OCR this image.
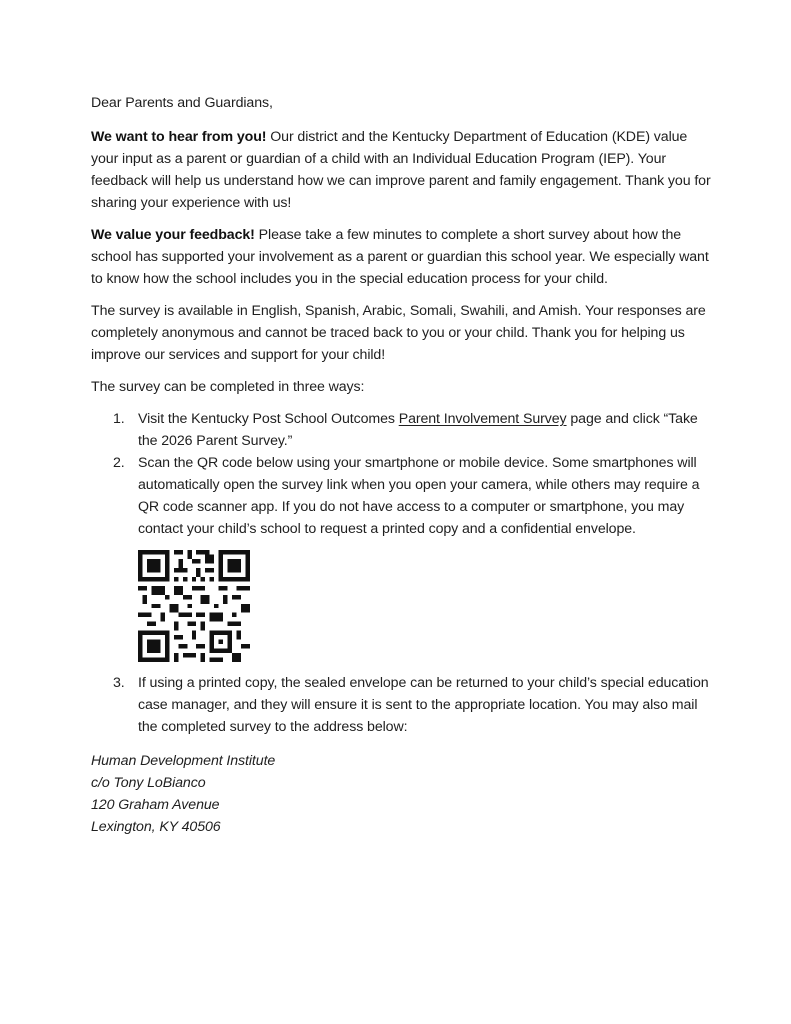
Dear Parents and Guardians,

We want to hear from you! Our district and the Kentucky Department of Education (KDE) value your input as a parent or guardian of a child with an Individual Education Program (IEP). Your feedback will help us understand how we can improve parent and family engagement. Thank you for sharing your experience with us!

We value your feedback! Please take a few minutes to complete a short survey about how the school has supported your involvement as a parent or guardian this school year. We especially want to know how the school includes you in the special education process for your child.

The survey is available in English, Spanish, Arabic, Somali, Swahili, and Amish. Your responses are completely anonymous and cannot be traced back to you or your child. Thank you for helping us improve our services and support for your child!

The survey can be completed in three ways:

1. Visit the Kentucky Post School Outcomes Parent Involvement Survey page and click “Take the 2026 Parent Survey.”
2. Scan the QR code below using your smartphone or mobile device. Some smartphones will automatically open the survey link when you open your camera, while others may require a QR code scanner app. If you do not have access to a computer or smartphone, you may contact your child’s school to request a printed copy and a confidential envelope.
3. If using a printed copy, the sealed envelope can be returned to your child’s special education case manager, and they will ensure it is sent to the appropriate location. You may also mail the completed survey to the address below:
Human Development Institute
c/o Tony LoBianco
120 Graham Avenue
Lexington, KY 40506
